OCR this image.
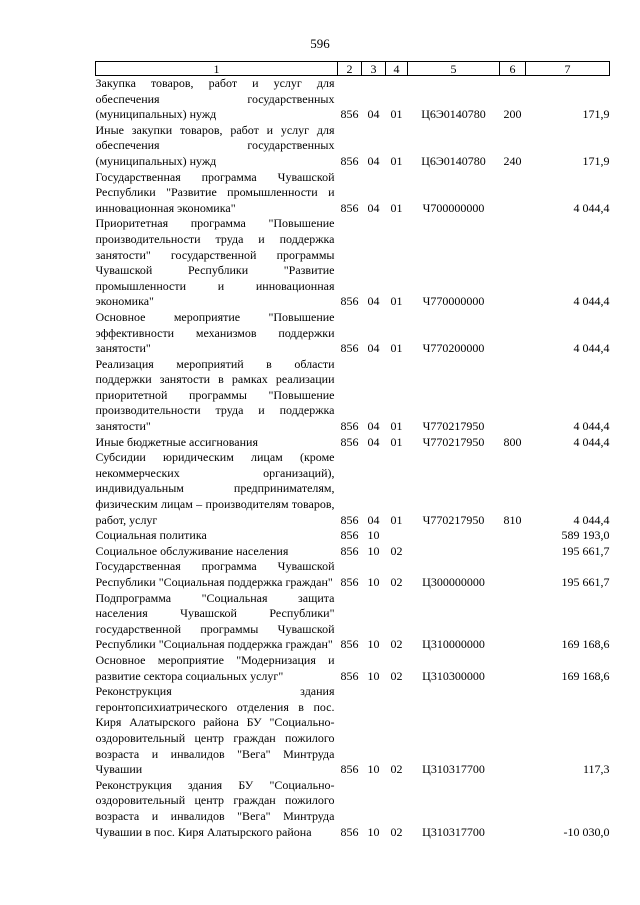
596
1	2	3	4	5	6	7
Закупка товаров, работ и услуг для обеспечения государственных (муниципальных) нужд	856	04	01	Ц6Э0140780	200	171,9
Иные закупки товаров, работ и услуг для обеспечения государственных (муниципальных) нужд	856	04	01	Ц6Э0140780	240	171,9
Государственная программа Чувашской Республики "Развитие промышленности и инновационная экономика"	856	04	01	Ч700000000		4 044,4
Приоритетная программа "Повышение производительности труда и поддержка занятости" государственной программы Чувашской Республики "Развитие промышленности и инновационная экономика"	856	04	01	Ч770000000		4 044,4
Основное мероприятие "Повышение эффективности механизмов поддержки занятости"	856	04	01	Ч770200000		4 044,4
Реализация мероприятий в области поддержки занятости в рамках реализации приоритетной программы "Повышение производительности труда и поддержка занятости"	856	04	01	Ч770217950		4 044,4
Иные бюджетные ассигнования	856	04	01	Ч770217950	800	4 044,4
Субсидии юридическим лицам (кроме некоммерческих организаций), индивидуальным предпринимателям, физическим лицам – производителям товаров, работ, услуг	856	04	01	Ч770217950	810	4 044,4
Социальная политика	856	10				589 193,0
Социальное обслуживание населения	856	10	02			195 661,7
Государственная программа Чувашской Республики "Социальная поддержка граждан"	856	10	02	Ц300000000		195 661,7
Подпрограмма "Социальная защита населения Чувашской Республики" государственной программы Чувашской Республики "Социальная поддержка граждан"	856	10	02	Ц310000000		169 168,6
Основное мероприятие "Модернизация и развитие сектора социальных услуг"	856	10	02	Ц310300000		169 168,6
Реконструкция здания геронтопсихиатрического отделения в пос. Киря Алатырского района БУ "Социально-оздоровительный центр граждан пожилого возраста и инвалидов "Вега" Минтруда Чувашии	856	10	02	Ц310317700		117,3
Реконструкция здания БУ "Социально-оздоровительный центр граждан пожилого возраста и инвалидов "Вега" Минтруда Чувашии в пос. Киря Алатырского района	856	10	02	Ц310317700		-10 030,0
